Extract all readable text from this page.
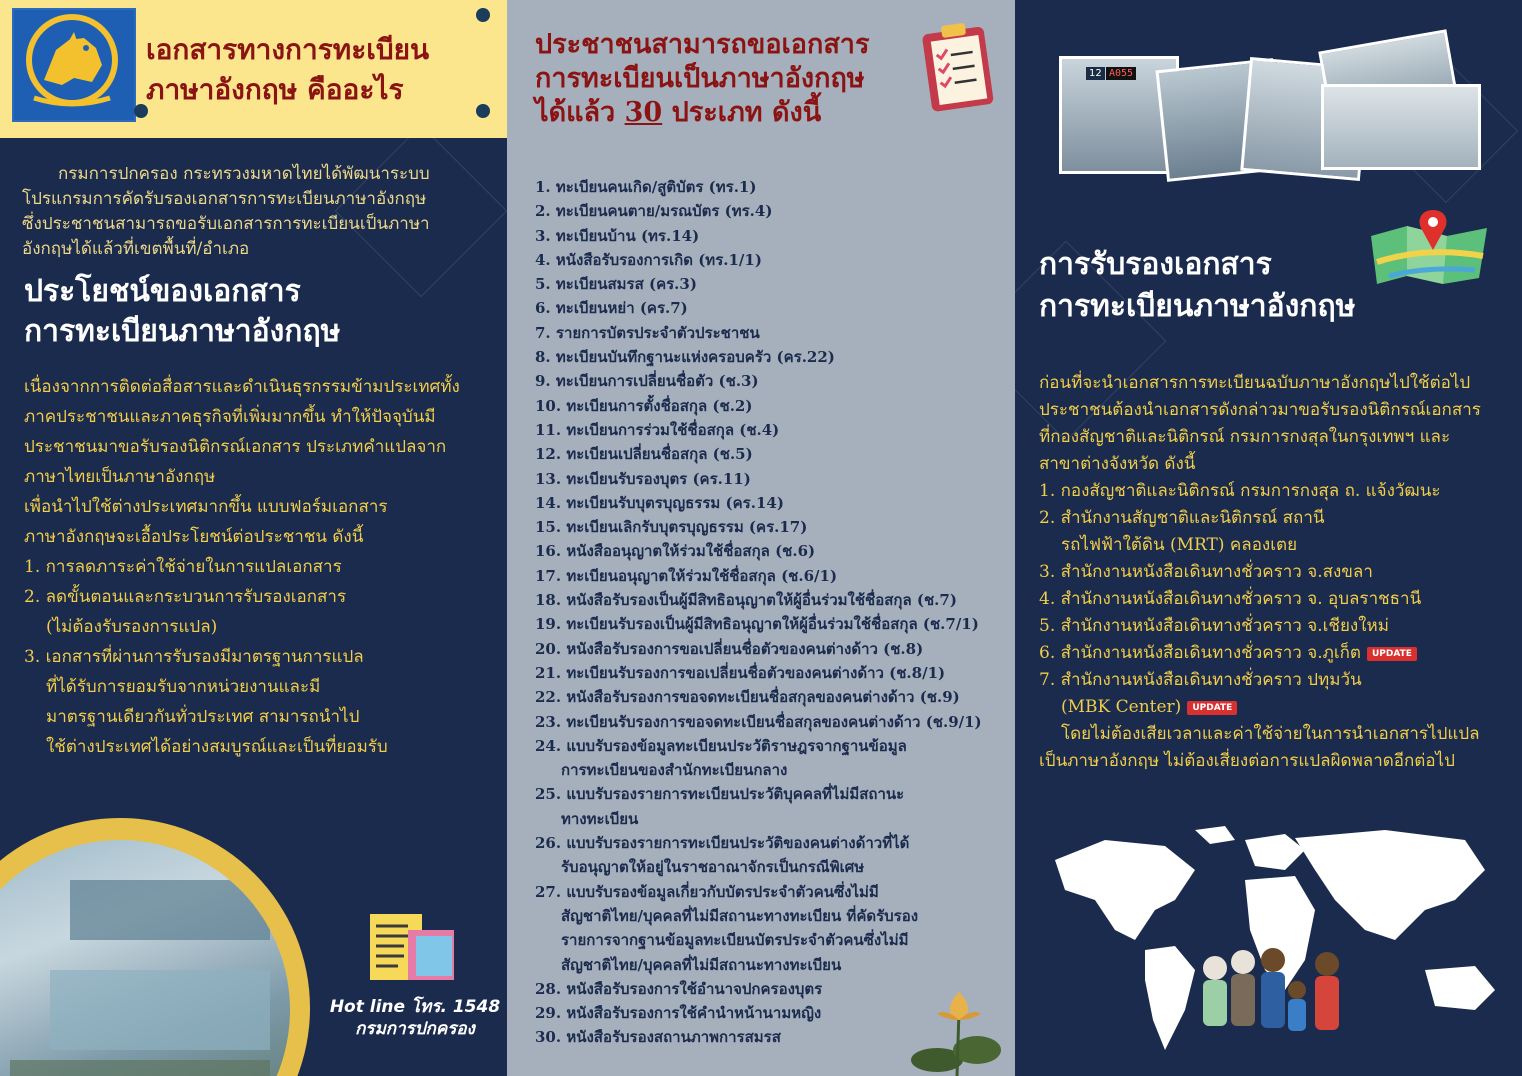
เอกสารทางการทะเบียน
ภาษาอังกฤษ คืออะไร
กรมการปกครอง กระทรวงมหาดไทยได้พัฒนาระบบ
โปรแกรมการคัดรับรองเอกสารการทะเบียนภาษาอังกฤษ
ซึ่งประชาชนสามารถขอรับเอกสารการทะเบียนเป็นภาษา
อังกฤษได้แล้วที่เขตพื้นที่/อำเภอ
ประโยชน์ของเอกสาร
การทะเบียนภาษาอังกฤษ
เนื่องจากการติดต่อสื่อสารและดำเนินธุรกรรมข้ามประเทศทั้ง
ภาคประชาชนและภาคธุรกิจที่เพิ่มมากขึ้น ทำให้ปัจจุบันมี
ประชาชนมาขอรับรองนิติกรณ์เอกสาร ประเภทคำแปลจาก
ภาษาไทยเป็นภาษาอังกฤษ
เพื่อนำไปใช้ต่างประเทศมากขึ้น แบบฟอร์มเอกสาร
ภาษาอังกฤษจะเอื้อประโยชน์ต่อประชาชน ดังนี้
1. การลดภาระค่าใช้จ่ายในการแปลเอกสาร
2. ลดขั้นตอนและกระบวนการรับรองเอกสาร
(ไม่ต้องรับรองการแปล)
3. เอกสารที่ผ่านการรับรองมีมาตรฐานการแปล
ที่ได้รับการยอมรับจากหน่วยงานและมี
มาตรฐานเดียวกันทั่วประเทศ สามารถนำไป
ใช้ต่างประเทศได้อย่างสมบูรณ์และเป็นที่ยอมรับ
Hot line โทร. 1548
กรมการปกครอง
ประชาชนสามารถขอเอกสาร
การทะเบียนเป็นภาษาอังกฤษ
ได้แล้ว 30 ประเภท ดังนี้
1. ทะเบียนคนเกิด/สูติบัตร (ทร.1)
2. ทะเบียนคนตาย/มรณบัตร (ทร.4)
3. ทะเบียนบ้าน (ทร.14)
4. หนังสือรับรองการเกิด (ทร.1/1)
5. ทะเบียนสมรส (คร.3)
6. ทะเบียนหย่า (คร.7)
7. รายการบัตรประจำตัวประชาชน
8. ทะเบียนบันทึกฐานะแห่งครอบครัว (คร.22)
9. ทะเบียนการเปลี่ยนชื่อตัว (ช.3)
10. ทะเบียนการตั้งชื่อสกุล (ช.2)
11. ทะเบียนการร่วมใช้ชื่อสกุล (ช.4)
12. ทะเบียนเปลี่ยนชื่อสกุล (ช.5)
13. ทะเบียนรับรองบุตร (คร.11)
14. ทะเบียนรับบุตรบุญธรรม (คร.14)
15. ทะเบียนเลิกรับบุตรบุญธรรม (คร.17)
16. หนังสืออนุญาตให้ร่วมใช้ชื่อสกุล (ช.6)
17. ทะเบียนอนุญาตให้ร่วมใช้ชื่อสกุล (ช.6/1)
18. หนังสือรับรองเป็นผู้มีสิทธิอนุญาตให้ผู้อื่นร่วมใช้ชื่อสกุล (ช.7)
19. ทะเบียนรับรองเป็นผู้มีสิทธิอนุญาตให้ผู้อื่นร่วมใช้ชื่อสกุล (ช.7/1)
20. หนังสือรับรองการขอเปลี่ยนชื่อตัวของคนต่างด้าว (ช.8)
21. ทะเบียนรับรองการขอเปลี่ยนชื่อตัวของคนต่างด้าว (ช.8/1)
22. หนังสือรับรองการขอจดทะเบียนชื่อสกุลของคนต่างด้าว (ช.9)
23. ทะเบียนรับรองการขอจดทะเบียนชื่อสกุลของคนต่างด้าว (ช.9/1)
24. แบบรับรองข้อมูลทะเบียนประวัติราษฎรจากฐานข้อมูล
การทะเบียนของสำนักทะเบียนกลาง
25. แบบรับรองรายการทะเบียนประวัติบุคคลที่ไม่มีสถานะ
ทางทะเบียน
26. แบบรับรองรายการทะเบียนประวัติของคนต่างด้าวที่ได้
รับอนุญาตให้อยู่ในราชอาณาจักรเป็นกรณีพิเศษ
27. แบบรับรองข้อมูลเกี่ยวกับบัตรประจำตัวคนซึ่งไม่มี
สัญชาติไทย/บุคคลที่ไม่มีสถานะทางทะเบียน ที่คัดรับรอง
รายการจากฐานข้อมูลทะเบียนบัตรประจำตัวคนซึ่งไม่มี
สัญชาติไทย/บุคคลที่ไม่มีสถานะทางทะเบียน
28. หนังสือรับรองการใช้อำนาจปกครองบุตร
29. หนังสือรับรองการใช้คำนำหน้านามหญิง
30. หนังสือรับรองสถานภาพการสมรส
12 A055
การรับรองเอกสาร
การทะเบียนภาษาอังกฤษ
ก่อนที่จะนำเอกสารการทะเบียนฉบับภาษาอังกฤษไปใช้ต่อไป
ประชาชนต้องนำเอกสารดังกล่าวมาขอรับรองนิติกรณ์เอกสาร
ที่กองสัญชาติและนิติกรณ์ กรมการกงสุลในกรุงเทพฯ และ
สาขาต่างจังหวัด ดังนี้
1. กองสัญชาติและนิติกรณ์ กรมการกงสุล ถ. แจ้งวัฒนะ
2. สำนักงานสัญชาติและนิติกรณ์ สถานี
รถไฟฟ้าใต้ดิน (MRT) คลองเตย
3. สำนักงานหนังสือเดินทางชั่วคราว จ.สงขลา
4. สำนักงานหนังสือเดินทางชั่วคราว จ. อุบลราชธานี
5. สำนักงานหนังสือเดินทางชั่วคราว จ.เชียงใหม่
6. สำนักงานหนังสือเดินทางชั่วคราว จ.ภูเก็ต UPDATE
7. สำนักงานหนังสือเดินทางชั่วคราว ปทุมวัน
(MBK Center) UPDATE
โดยไม่ต้องเสียเวลาและค่าใช้จ่ายในการนำเอกสารไปแปล
เป็นภาษาอังกฤษ ไม่ต้องเสี่ยงต่อการแปลผิดพลาดอีกต่อไป
